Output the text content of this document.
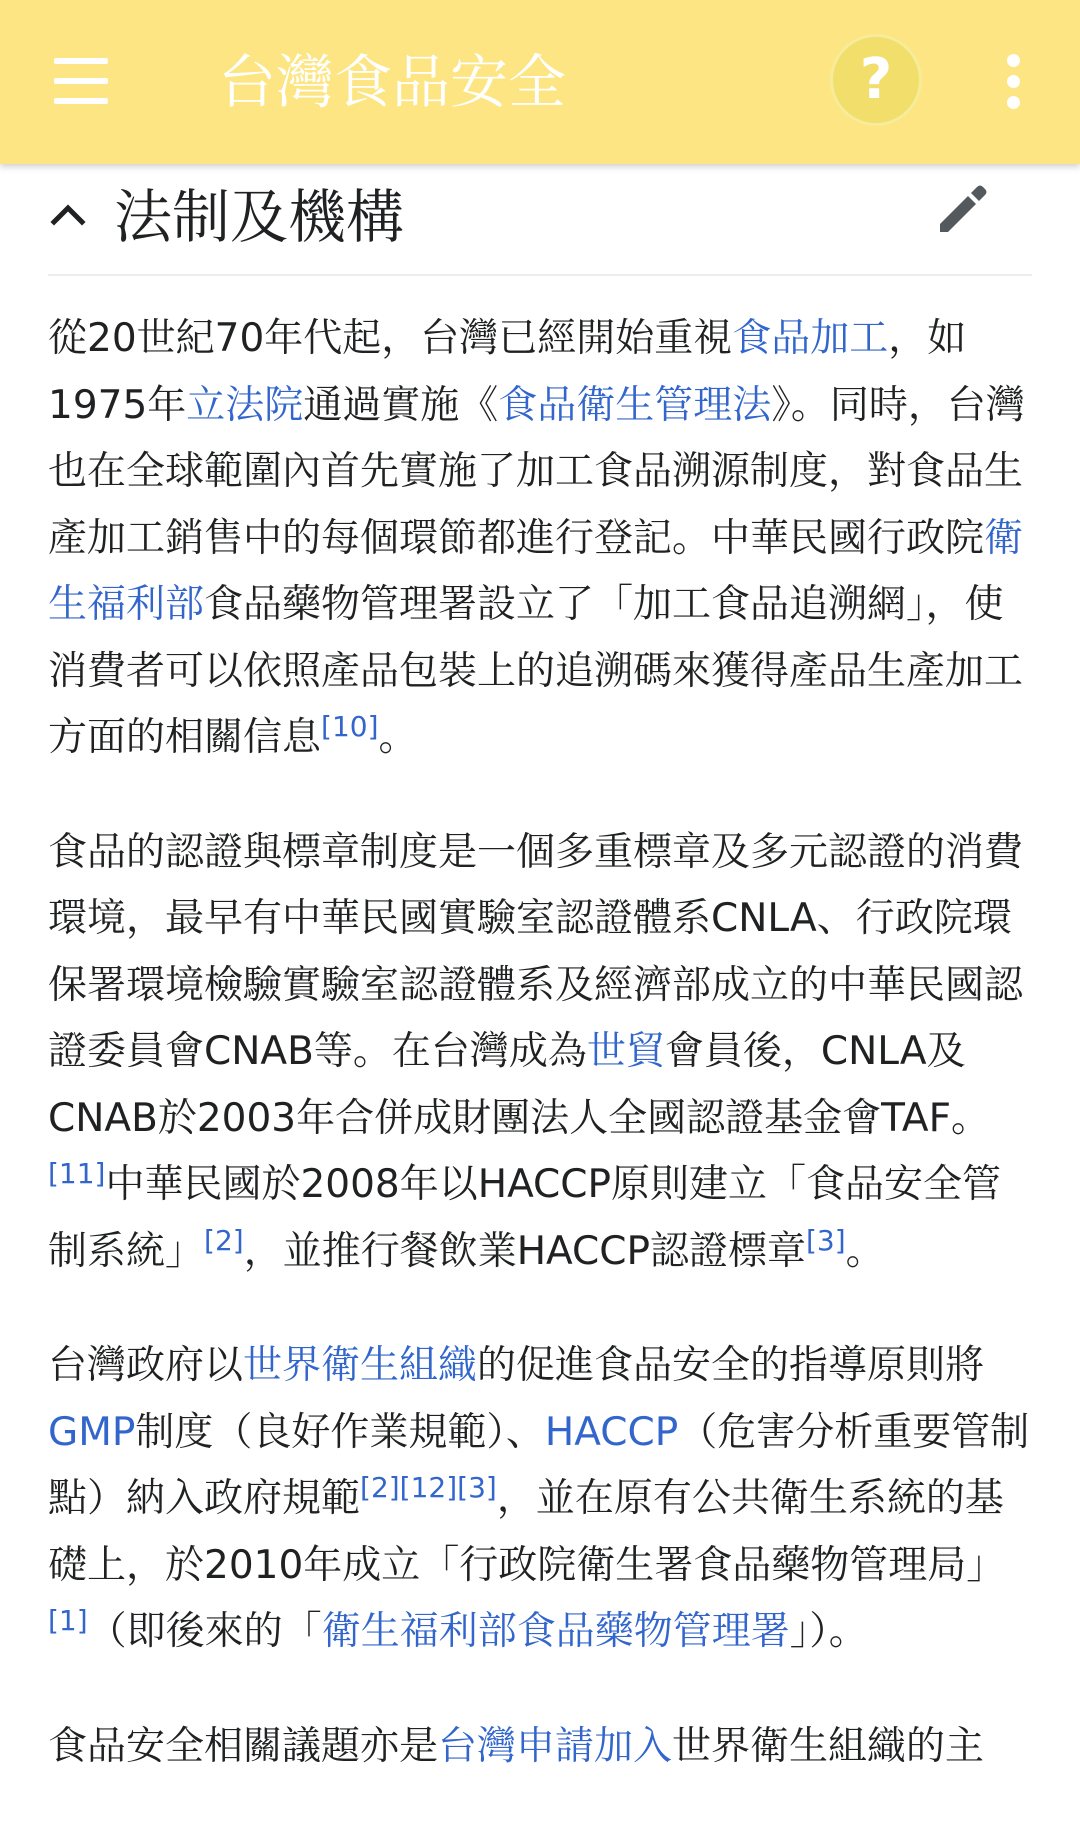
台灣食品安全	?
法制及機構

從20世紀70年代起，台灣已經開始重視食品加工，如1975年立法院通過實施《食品衛生管理法》。同時，台灣也在全球範圍內首先實施了加工食品溯源制度，對食品生產加工銷售中的每個環節都進行登記。中華民國行政院衛生福利部食品藥物管理署設立了「加工食品追溯網」，使消費者可以依照產品包裝上的追溯碼來獲得產品生產加工方面的相關信息[10]。

食品的認證與標章制度是一個多重標章及多元認證的消費環境，最早有中華民國實驗室認證體系CNLA、行政院環保署環境檢驗實驗室認證體系及經濟部成立的中華民國認證委員會CNAB等。在台灣成為世貿會員後，CNLA及CNAB於2003年合併成財團法人全國認證基金會TAF。[11]中華民國於2008年以HACCP原則建立「食品安全管制系統」[2]，並推行餐飲業HACCP認證標章[3]。

台灣政府以世界衛生組織的促進食品安全的指導原則將GMP制度（良好作業規範）、HACCP（危害分析重要管制點）納入政府規範[2][12][3]，並在原有公共衛生系統的基礎上，於2010年成立「行政院衛生署食品藥物管理局」[1]（即後來的「衛生福利部食品藥物管理署」）。

食品安全相關議題亦是台灣申請加入世界衛生組織的主
